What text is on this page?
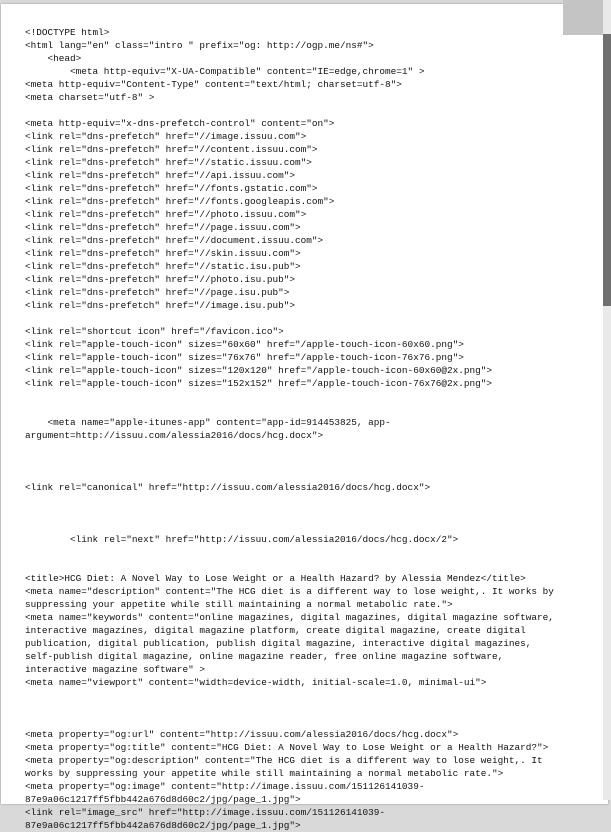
<!DOCTYPE html>
<html lang="en" class="intro " prefix="og: http://ogp.me/ns#">
<head>
<meta http-equiv="X-UA-Compatible" content="IE=edge,chrome=1" >
<meta http-equiv="Content-Type" content="text/html; charset=utf-8">
<meta charset="utf-8" >
<meta http-equiv="x-dns-prefetch-control" content="on">
<link rel="dns-prefetch" href="//image.issuu.com">
<link rel="dns-prefetch" href="//content.issuu.com">
<link rel="dns-prefetch" href="//static.issuu.com">
<link rel="dns-prefetch" href="//api.issuu.com">
<link rel="dns-prefetch" href="//fonts.gstatic.com">
<link rel="dns-prefetch" href="//fonts.googleapis.com">
<link rel="dns-prefetch" href="//photo.issuu.com">
<link rel="dns-prefetch" href="//page.issuu.com">
<link rel="dns-prefetch" href="//document.issuu.com">
<link rel="dns-prefetch" href="//skin.issuu.com">
<link rel="dns-prefetch" href="//static.isu.pub">
<link rel="dns-prefetch" href="//photo.isu.pub">
<link rel="dns-prefetch" href="//page.isu.pub">
<link rel="dns-prefetch" href="//image.isu.pub">
<link rel="shortcut icon" href="/favicon.ico">
<link rel="apple-touch-icon" sizes="60x60" href="/apple-touch-icon-60x60.png">
<link rel="apple-touch-icon" sizes="76x76" href="/apple-touch-icon-76x76.png">
<link rel="apple-touch-icon" sizes="120x120" href="/apple-touch-icon-60x60@2x.png">
<link rel="apple-touch-icon" sizes="152x152" href="/apple-touch-icon-76x76@2x.png">
<meta name="apple-itunes-app" content="app-id=914453825, app-
argument=http://issuu.com/alessia2016/docs/hcg.docx">
<link rel="canonical" href="http://issuu.com/alessia2016/docs/hcg.docx">
<link rel="next" href="http://issuu.com/alessia2016/docs/hcg.docx/2">
<title>HCG Diet: A Novel Way to Lose Weight or a Health Hazard? by Alessia Mendez</title>
<meta name="description" content="The HCG diet is a different way to lose weight,. It works by
suppressing your appetite while still maintaining a normal metabolic rate.">
<meta name="keywords" content="online magazines, digital magazines, digital magazine software,
interactive magazines, digital magazine platform, create digital magazine, create digital
publication, digital publication, publish digital magazine, interactive digital magazines,
self-publish digital magazine, online magazine reader, free online magazine software,
interactive magazine software" >
<meta name="viewport" content="width=device-width, initial-scale=1.0, minimal-ui">
<meta property="og:url" content="http://issuu.com/alessia2016/docs/hcg.docx">
<meta property="og:title" content="HCG Diet: A Novel Way to Lose Weight or a Health Hazard?">
<meta property="og:description" content="The HCG diet is a different way to lose weight,. It
works by suppressing your appetite while still maintaining a normal metabolic rate.">
<meta property="og:image" content="http://image.issuu.com/151126141039-
87e9a06c1217ff5fbb442a676d8d60c2/jpg/page_1.jpg">
<link rel="image_src" href="http://image.issuu.com/151126141039-
87e9a06c1217ff5fbb442a676d8d60c2/jpg/page_1.jpg">
